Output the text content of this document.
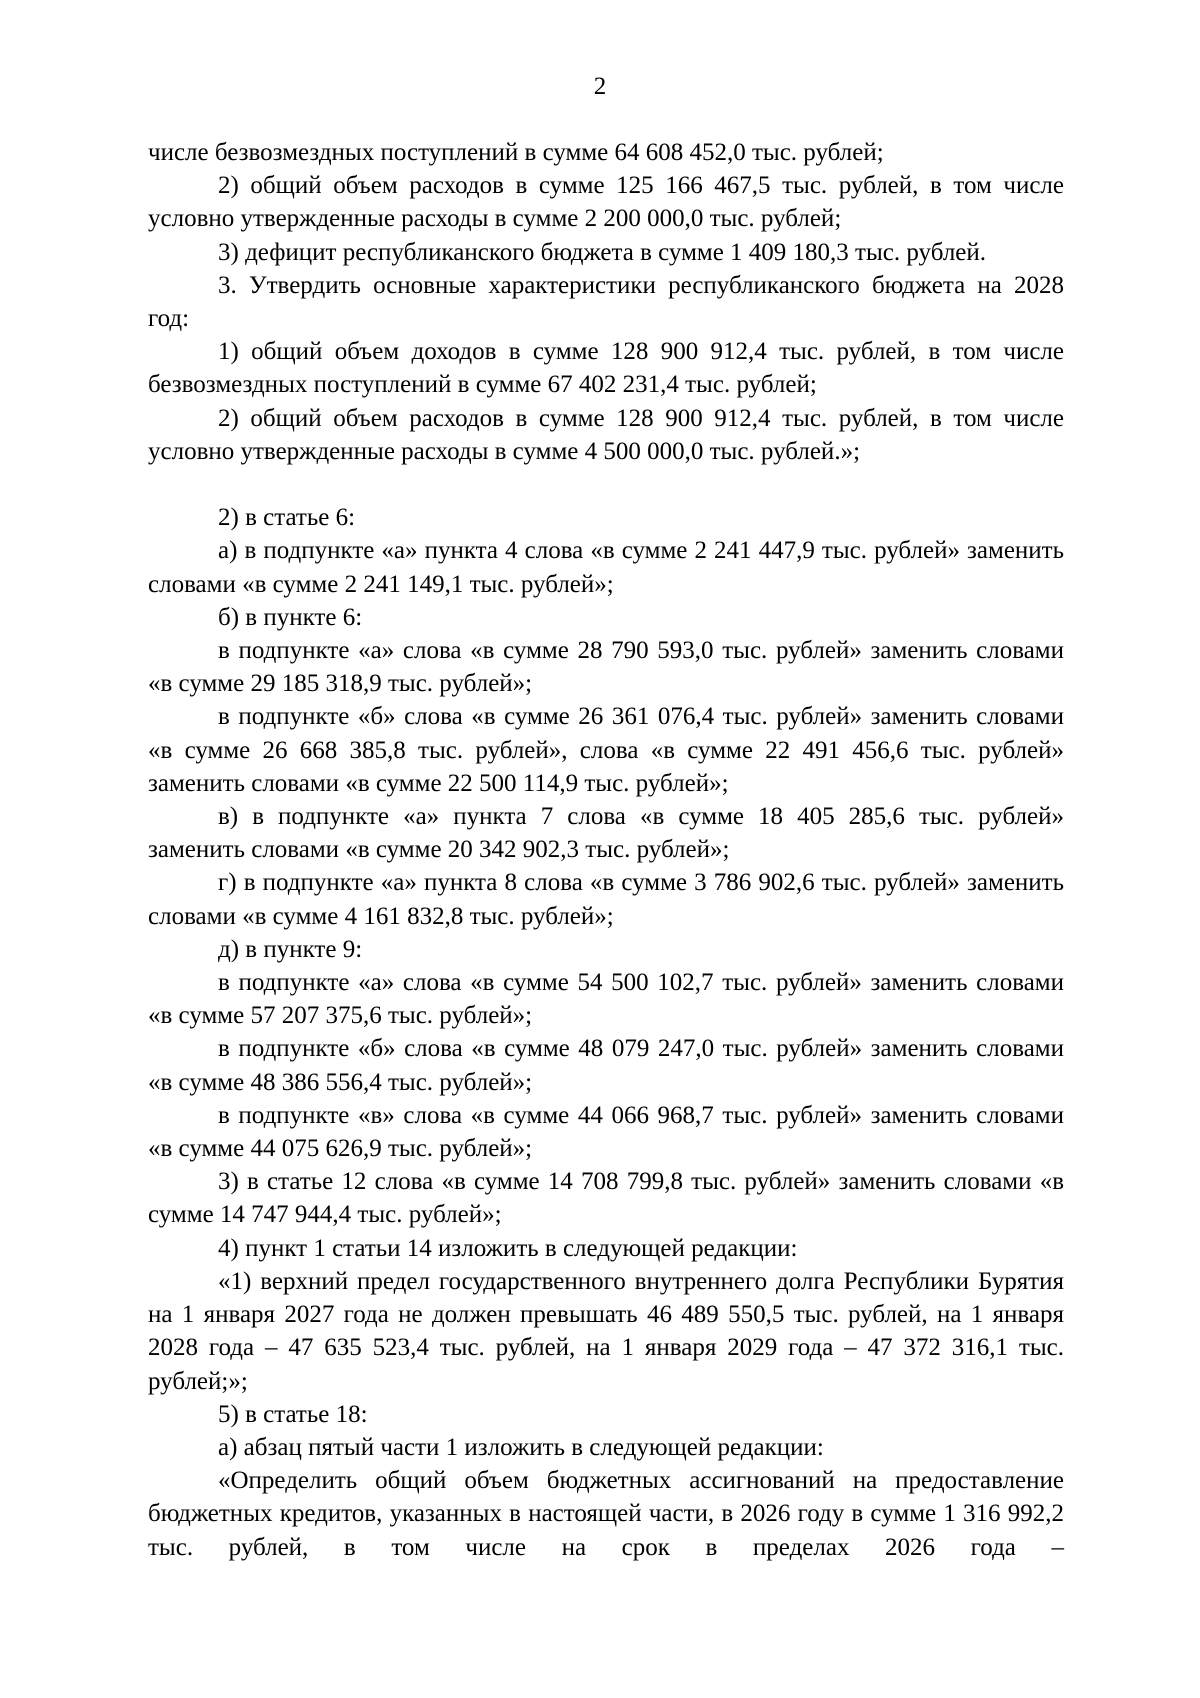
2

числе безвозмездных поступлений в сумме 64 608 452,0 тыс. рублей;

2) общий объем расходов в сумме 125 166 467,5 тыс. рублей, в том числе условно утвержденные расходы в сумме 2 200 000,0 тыс. рублей;

3) дефицит республиканского бюджета в сумме 1 409 180,3 тыс. рублей.

3. Утвердить основные характеристики республиканского бюджета на 2028 год:

1) общий объем доходов в сумме 128 900 912,4 тыс. рублей, в том числе безвозмездных поступлений в сумме 67 402 231,4 тыс. рублей;

2) общий объем расходов в сумме 128 900 912,4 тыс. рублей, в том числе условно утвержденные расходы в сумме 4 500 000,0 тыс. рублей.»;

2) в статье 6:

а) в подпункте «а» пункта 4 слова «в сумме 2 241 447,9 тыс. рублей» заменить словами «в сумме 2 241 149,1 тыс. рублей»;

б) в пункте 6:

в подпункте «а» слова «в сумме 28 790 593,0 тыс. рублей» заменить словами «в сумме 29 185 318,9 тыс. рублей»;

в подпункте «б» слова «в сумме 26 361 076,4 тыс. рублей» заменить словами «в сумме 26 668 385,8 тыс. рублей», слова «в сумме 22 491 456,6 тыс. рублей» заменить словами «в сумме 22 500 114,9 тыс. рублей»;

в) в подпункте «а» пункта 7 слова «в сумме 18 405 285,6 тыс. рублей» заменить словами «в сумме 20 342 902,3 тыс. рублей»;

г) в подпункте «а» пункта 8 слова «в сумме 3 786 902,6 тыс. рублей» заменить словами «в сумме 4 161 832,8 тыс. рублей»;

д) в пункте 9:

в подпункте «а» слова «в сумме 54 500 102,7 тыс. рублей» заменить словами «в сумме 57 207 375,6 тыс. рублей»;

в подпункте «б» слова «в сумме 48 079 247,0 тыс. рублей» заменить словами «в сумме 48 386 556,4 тыс. рублей»;

в подпункте «в» слова «в сумме 44 066 968,7 тыс. рублей» заменить словами «в сумме 44 075 626,9 тыс. рублей»;

3) в статье 12 слова «в сумме 14 708 799,8 тыс. рублей» заменить словами «в сумме 14 747 944,4 тыс. рублей»;

4) пункт 1 статьи 14 изложить в следующей редакции:

«1) верхний предел государственного внутреннего долга Республики Бурятия на 1 января 2027 года не должен превышать 46 489 550,5 тыс. рублей, на 1 января 2028 года – 47 635 523,4 тыс. рублей, на 1 января 2029 года – 47 372 316,1 тыс. рублей;»;

5) в статье 18:

а) абзац пятый части 1 изложить в следующей редакции:

«Определить общий объем бюджетных ассигнований на предоставление бюджетных кредитов, указанных в настоящей части, в 2026 году в сумме 1 316 992,2 тыс. рублей, в том числе на срок в пределах 2026 года –
